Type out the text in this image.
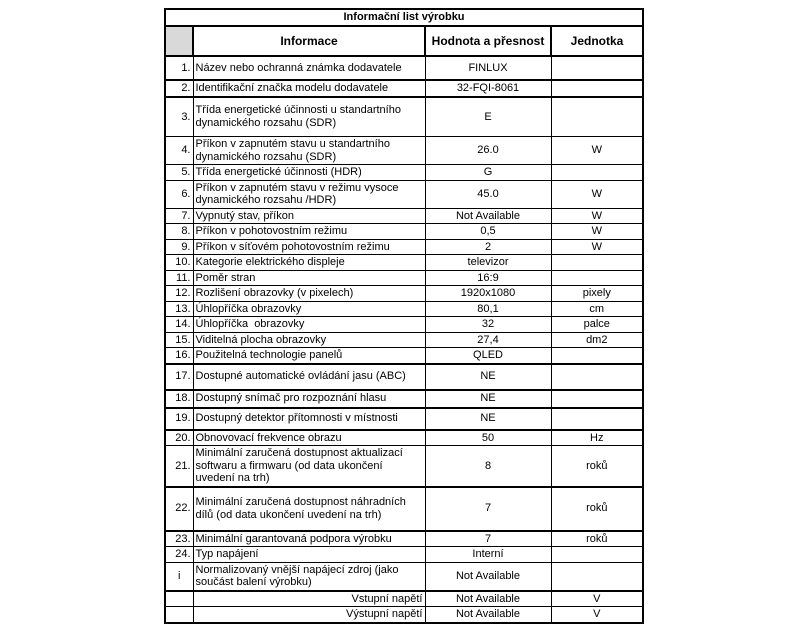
Informační list výrobku			
	Informace	Hodnota a přesnost	Jednotka
1.	Název nebo ochranná známka dodavatele	FINLUX	
2.	Identifikační značka modelu dodavatele	32-FQI-8061	
3.	Třída energetické účinnosti u standartního dynamického rozsahu (SDR)	E	
4.	Příkon v zapnutém stavu u standartního dynamického rozsahu (SDR)	26.0	W
5.	Třída energetické účinnosti (HDR)	G	
6.	Příkon v zapnutém stavu v režimu vysoce dynamického rozsahu /HDR)	45.0	W
7.	Vypnutý stav, příkon	Not Available	W
8.	Příkon v pohotovostním režimu	0,5	W
9.	Příkon v síťovém pohotovostním režimu	2	W
10.	Kategorie elektrického displeje	televizor	
11.	Poměr stran	16:9	
12.	Rozlišení obrazovky (v pixelech)	1920x1080	pixely
13.	Úhlopříčka obrazovky	80,1	cm
14.	Úhlopříčka  obrazovky	32	palce
15.	Viditelná plocha obrazovky	27,4	dm2
16.	Použitelná technologie panelů	QLED	
17.	Dostupné automatické ovládání jasu (ABC)	NE	
18.	Dostupný snímač pro rozpoznání hlasu	NE	
19.	Dostupný detektor přítomnosti v místnosti	NE	
20.	Obnovovací frekvence obrazu	50	Hz
21.	Minimální zaručená dostupnost aktualizací softwaru a firmwaru (od data ukončení uvedení na trh)	8	roků
22.	Minimální zaručená dostupnost náhradních dílů (od data ukončení uvedení na trh)	7	roků
23.	Minimální garantovaná podpora výrobku	7	roků
24.	Typ napájení	Interní	
i	Normalizovaný vnější napájecí zdroj (jako součást balení výrobku)	Not Available	
	Vstupní napětí	Not Available	V
	Výstupní napětí	Not Available	V
